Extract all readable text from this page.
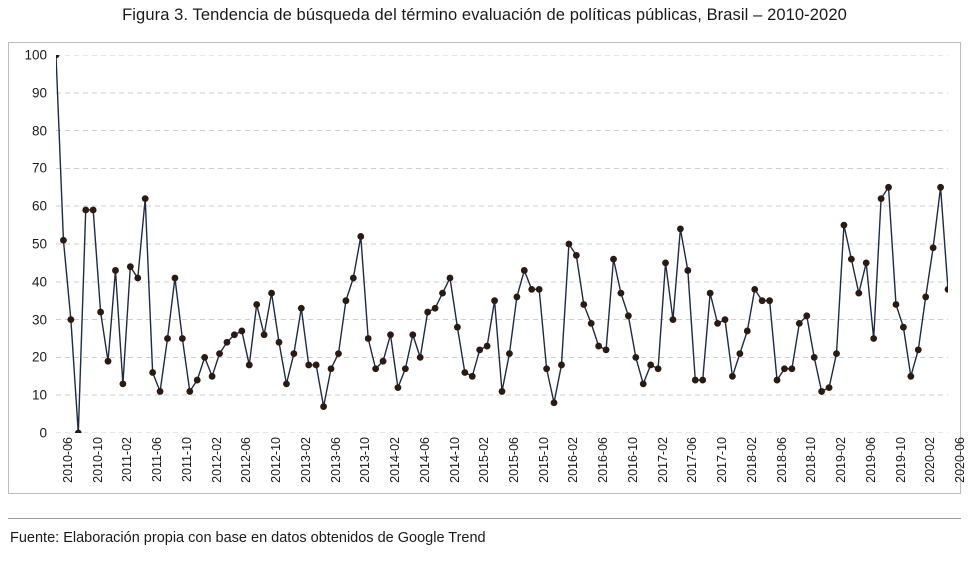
Figura 3. Tendencia de búsqueda del término evaluación de políticas públicas, Brasil – 2010-2020
0
10
20
30
40
50
60
70
80
90
100
2010-06 2010-10 2011-02 2011-06 2011-10 2012-02 2012-06 2012-10 2013-02 2013-06 2013-10 2014-02 2014-06 2014-10 2015-02 2015-06 2015-10 2016-02 2016-06 2016-10 2017-02 2017-06 2017-10 2018-02 2018-06 2018-10 2019-02 2019-06 2019-10 2020-02 2020-06
Fuente: Elaboración propia con base en datos obtenidos de Google Trend
